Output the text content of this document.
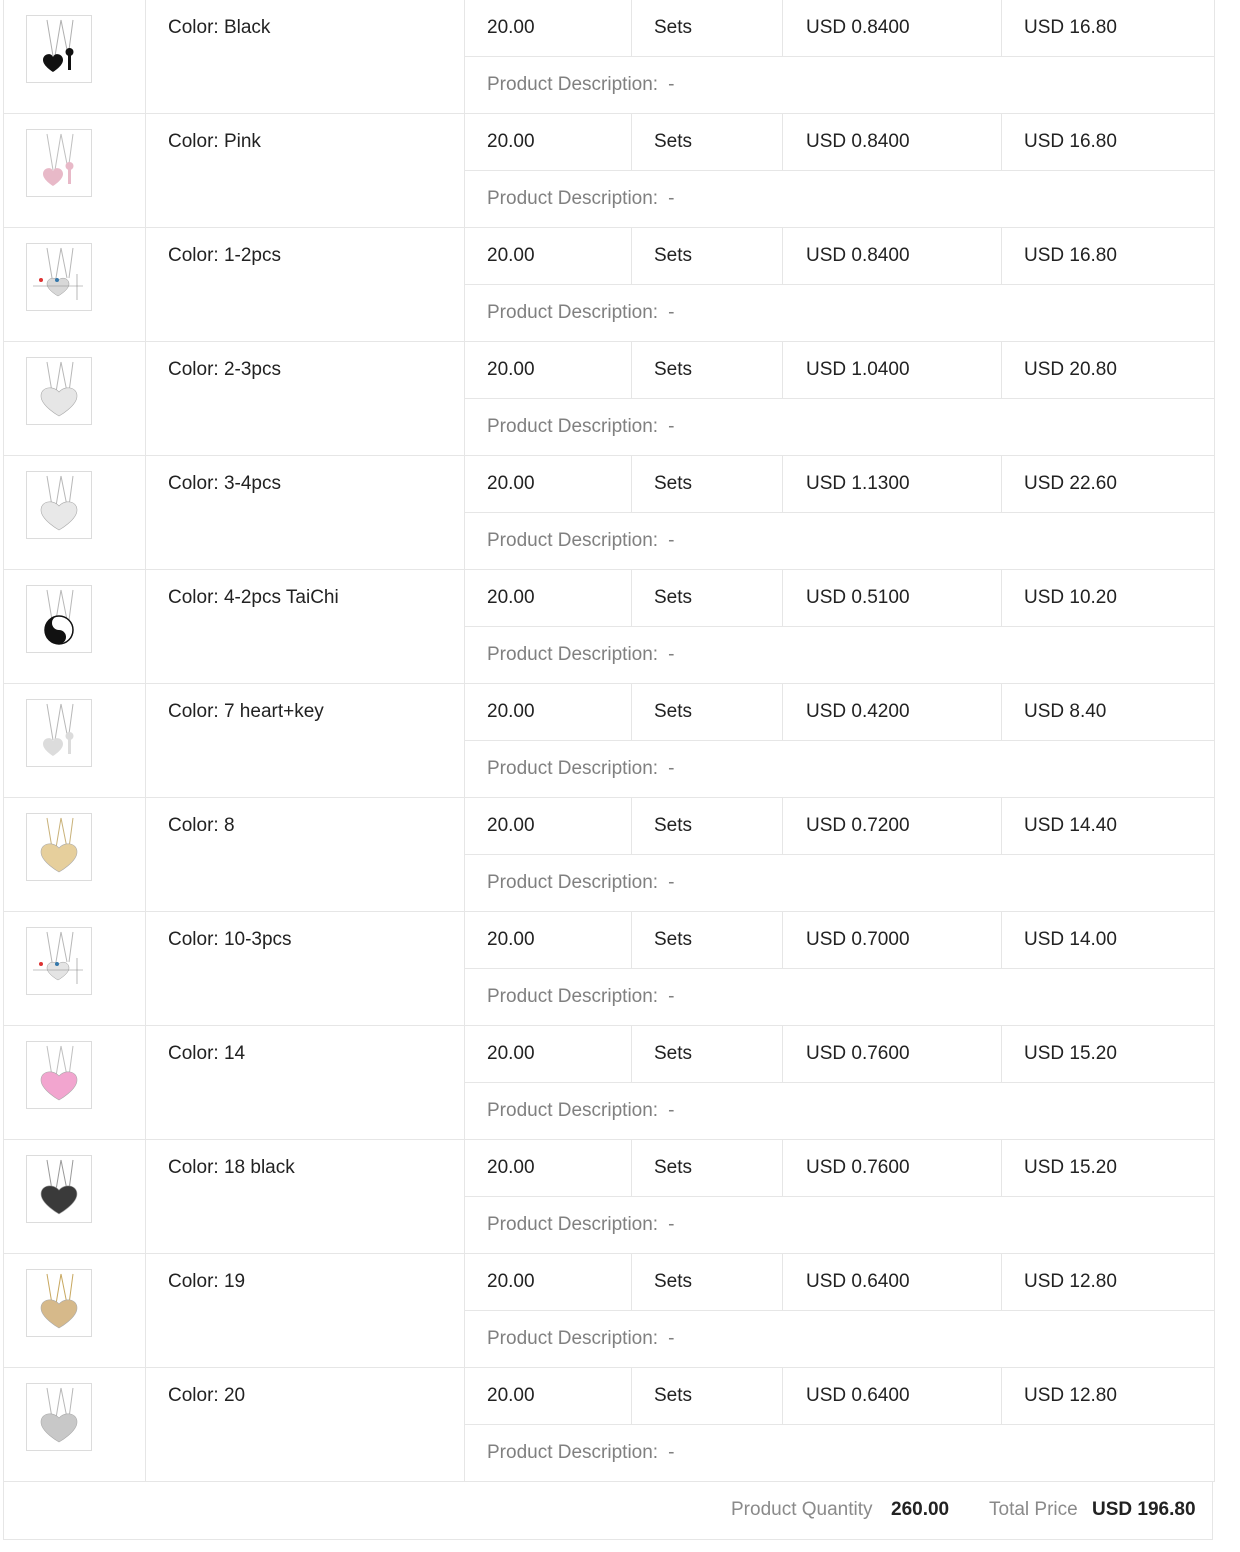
Color: Black	20.00	Sets	USD 0.8400	USD 16.80
Product Description: -
Color: Pink	20.00	Sets	USD 0.8400	USD 16.80
Product Description: -
Color: 1-2pcs	20.00	Sets	USD 0.8400	USD 16.80
Product Description: -
Color: 2-3pcs	20.00	Sets	USD 1.0400	USD 20.80
Product Description: -
Color: 3-4pcs	20.00	Sets	USD 1.1300	USD 22.60
Product Description: -
Color: 4-2pcs TaiChi	20.00	Sets	USD 0.5100	USD 10.20
Product Description: -
Color: 7 heart+key	20.00	Sets	USD 0.4200	USD 8.40
Product Description: -
Color: 8	20.00	Sets	USD 0.7200	USD 14.40
Product Description: -
Color: 10-3pcs	20.00	Sets	USD 0.7000	USD 14.00
Product Description: -
Color: 14	20.00	Sets	USD 0.7600	USD 15.20
Product Description: -
Color: 18 black	20.00	Sets	USD 0.7600	USD 15.20
Product Description: -
Color: 19	20.00	Sets	USD 0.6400	USD 12.80
Product Description: -
Color: 20	20.00	Sets	USD 0.6400	USD 12.80
Product Description: -
Product Quantity 260.00 Total Price USD 196.80
